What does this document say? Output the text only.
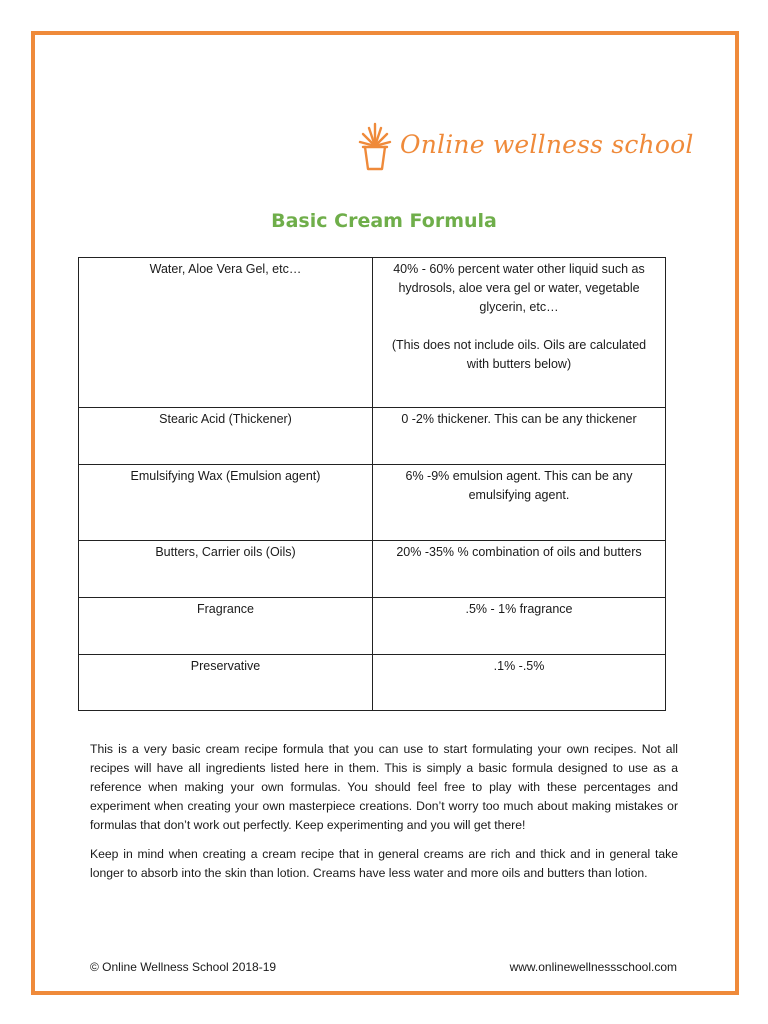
Online wellness school
Basic Cream Formula
Water, Aloe Vera Gel, etc…	40% - 60% percent water other liquid such as hydrosols, aloe vera gel or water, vegetable glycerin, etc…
(This does not include oils. Oils are calculated with butters below)
Stearic Acid (Thickener)	0 -2% thickener. This can be any thickener
Emulsifying Wax (Emulsion agent)	6% -9% emulsion agent. This can be any emulsifying agent.
Butters, Carrier oils (Oils)	20% -35% % combination of oils and butters
Fragrance	.5% - 1% fragrance
Preservative	.1% -.5%

This is a very basic cream recipe formula that you can use to start formulating your own recipes. Not all recipes will have all ingredients listed here in them. This is simply a basic formula designed to use as a reference when making your own formulas. You should feel free to play with these percentages and experiment when creating your own masterpiece creations. Don’t worry too much about making mistakes or formulas that don’t work out perfectly. Keep experimenting and you will get there!

Keep in mind when creating a cream recipe that in general creams are rich and thick and in general take longer to absorb into the skin than lotion. Creams have less water and more oils and butters than lotion.

© Online Wellness School 2018-19	www.onlinewellnessschool.com
